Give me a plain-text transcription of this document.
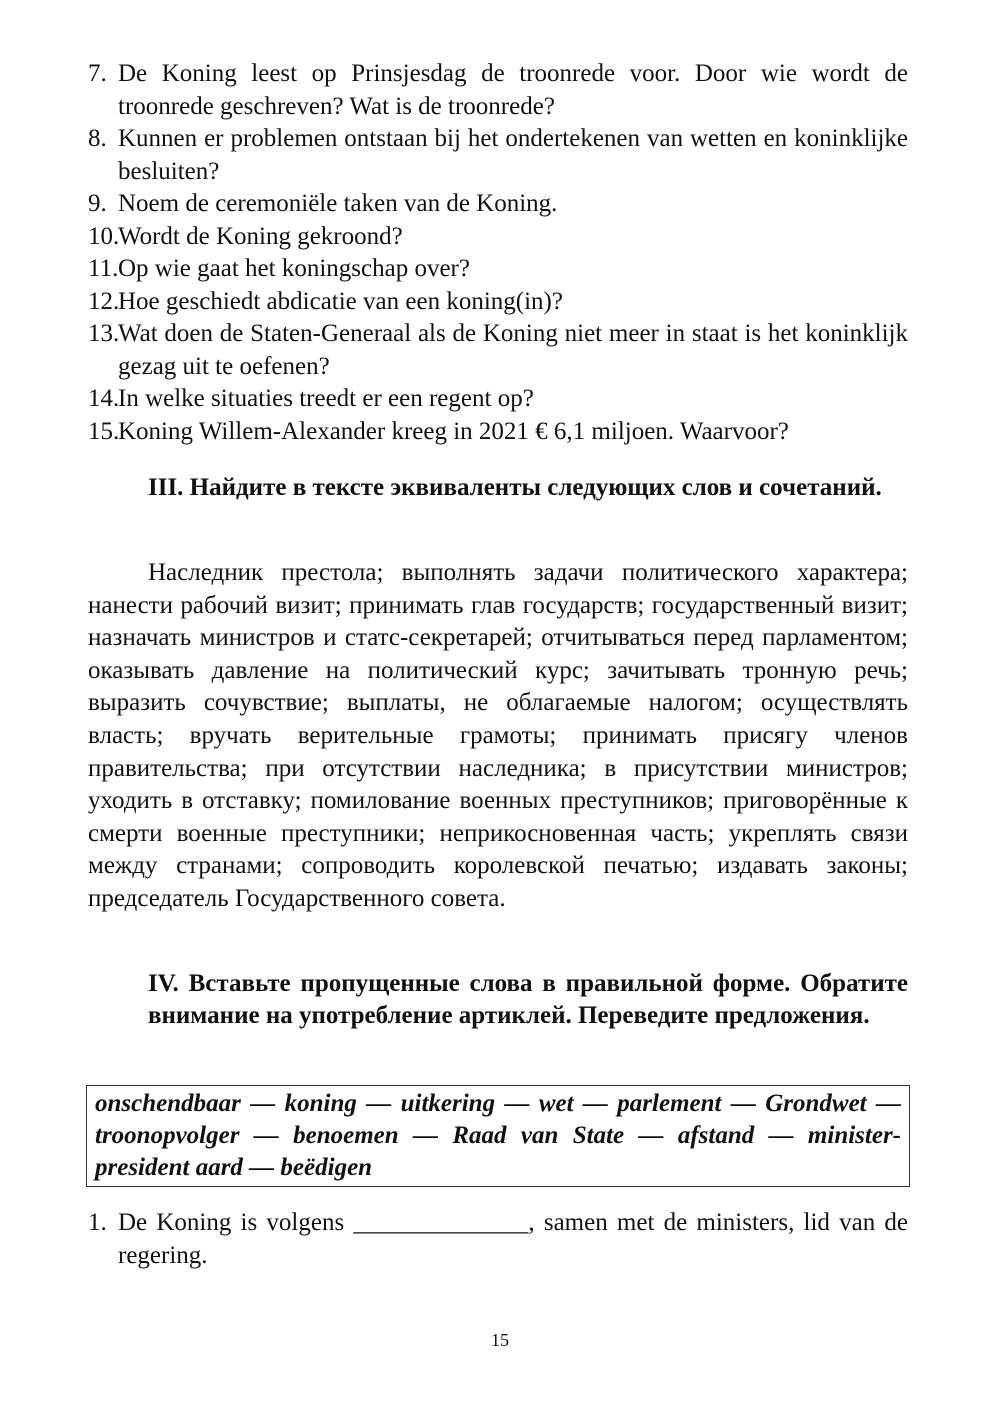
7. De Koning leest op Prinsjesdag de troonrede voor. Door wie wordt de troonrede geschreven? Wat is de troonrede?
8. Kunnen er problemen ontstaan bij het ondertekenen van wetten en koninklijke besluiten?
9. Noem de ceremoniële taken van de Koning.
10.
Wordt de Koning gekroond?
11. Op wie gaat het koningschap over?
12.
Hoe geschiedt abdicatie van een koning(in)?
13.
Wat doen de Staten-Generaal als de Koning niet meer in staat is het koninklijk gezag uit te oefenen?
14.
In welke situaties treedt er een regent op?
15.
Koning Willem-Alexander kreeg in 2021 € 6,1 miljoen. Waarvoor?
III. Найдите в тексте эквиваленты следующих слов и сочетаний.

Наследник престола; выполнять задачи политического характера; нанести рабочий визит; принимать глав государств; государственный визит; назначать министров и статс-секретарей; отчитываться перед парламентом; оказывать давление на политический курс; зачитывать тронную речь; выразить сочувствие; выплаты, не облагаемые налогом; осуществлять власть; вручать верительные грамоты; принимать присягу членов правительства; при отсутствии наследника; в присутствии министров; уходить в отставку; помилование военных преступников; приговорённые к смерти военные преступники; неприкосновенная часть; укреплять связи между странами; сопроводить королевской печатью; издавать законы; председатель Государственного совета.

IV. Вставьте пропущенные слова в правильной форме. Обратите внимание на употребление артиклей. Переведите предложения.
onschendbaar — koning — uitkering — wet — parlement — Grondwet — troonopvolger — benoemen — Raad van State — afstand — minister-president aard — beëdigen
1. De Koning is volgens ______________, samen met de ministers, lid van de regering.
15
